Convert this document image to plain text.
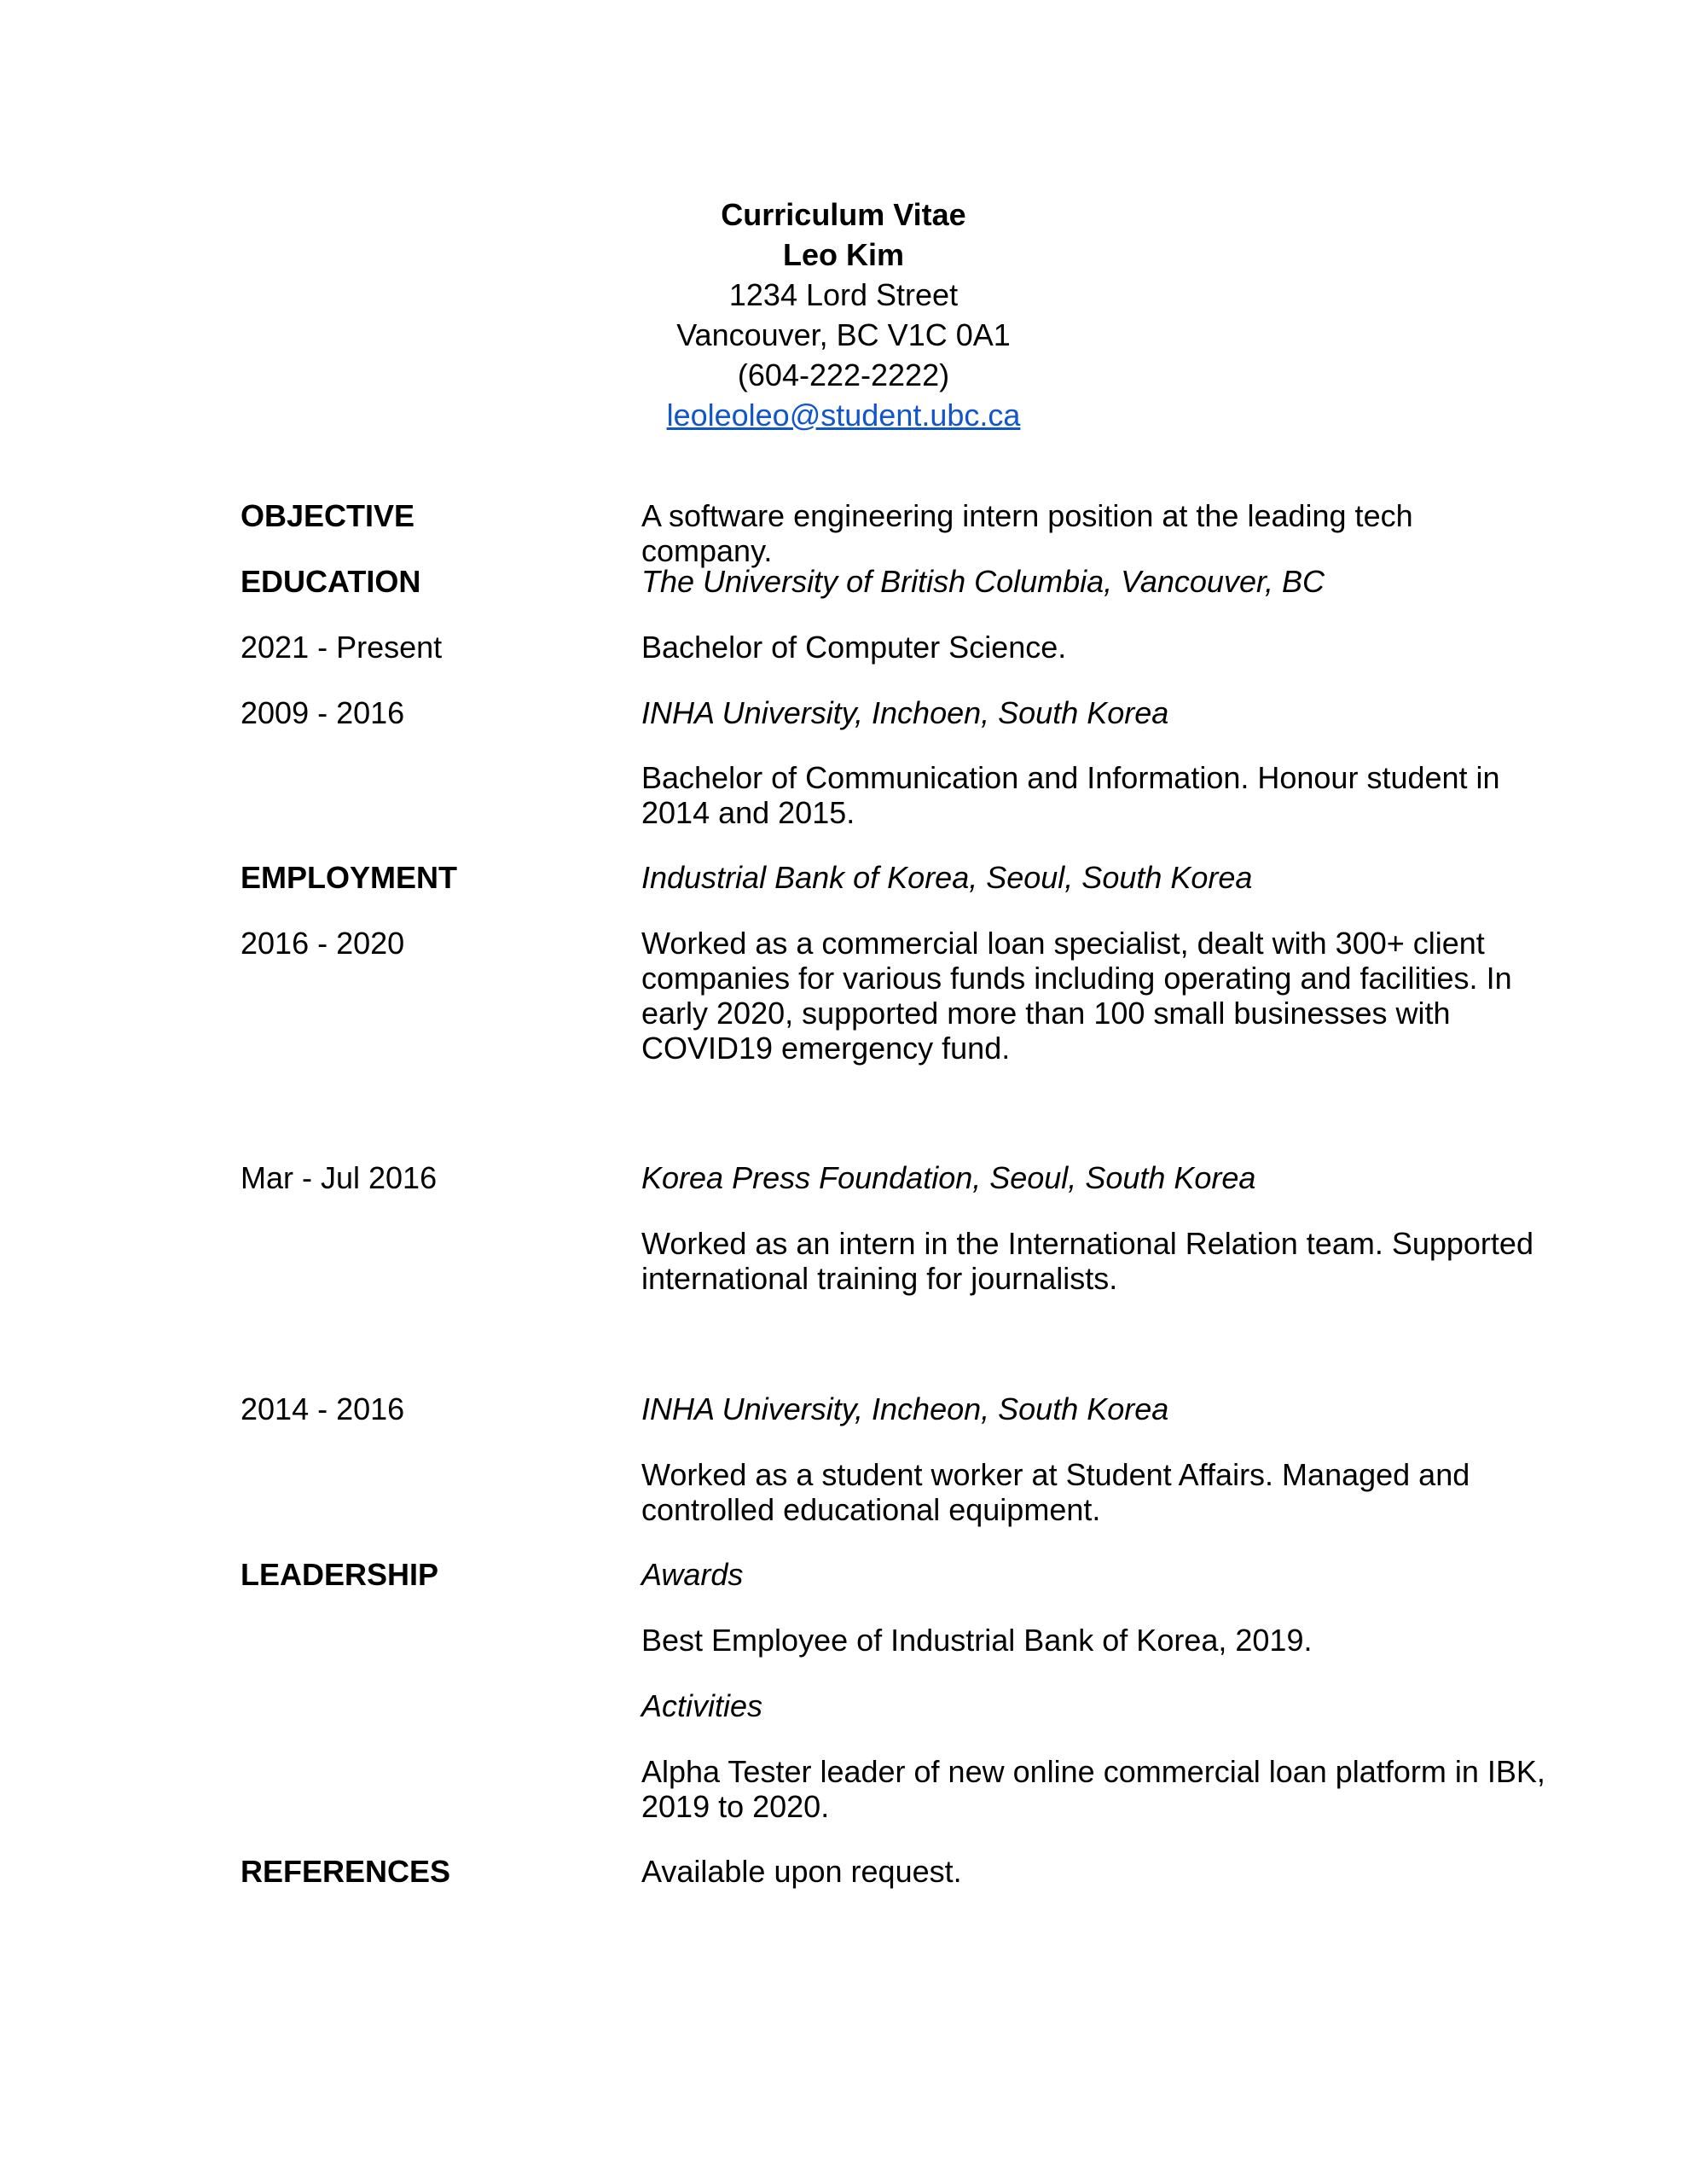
Curriculum Vitae
Leo Kim
1234 Lord Street
Vancouver, BC V1C 0A1
(604-222-2222)
leoleoleo@student.ubc.ca
OBJECTIVE	A software engineering intern position at the leading tech company.
EDUCATION	The University of British Columbia, Vancouver, BC
2021 - Present	Bachelor of Computer Science.
2009 - 2016	INHA University, Inchoen, South Korea
Bachelor of Communication and Information. Honour student in 2014 and 2015.
EMPLOYMENT	Industrial Bank of Korea, Seoul, South Korea
2016 - 2020	Worked as a commercial loan specialist, dealt with 300+ client companies for various funds including operating and facilities. In early 2020, supported more than 100 small businesses with COVID19 emergency fund.
Mar - Jul 2016	Korea Press Foundation, Seoul, South Korea
Worked as an intern in the International Relation team. Supported international training for journalists.
2014 - 2016	INHA University, Incheon, South Korea
Worked as a student worker at Student Affairs. Managed and controlled educational equipment.
LEADERSHIP	Awards
Best Employee of Industrial Bank of Korea, 2019.
Activities
Alpha Tester leader of new online commercial loan platform in IBK, 2019 to 2020.
REFERENCES	Available upon request.
